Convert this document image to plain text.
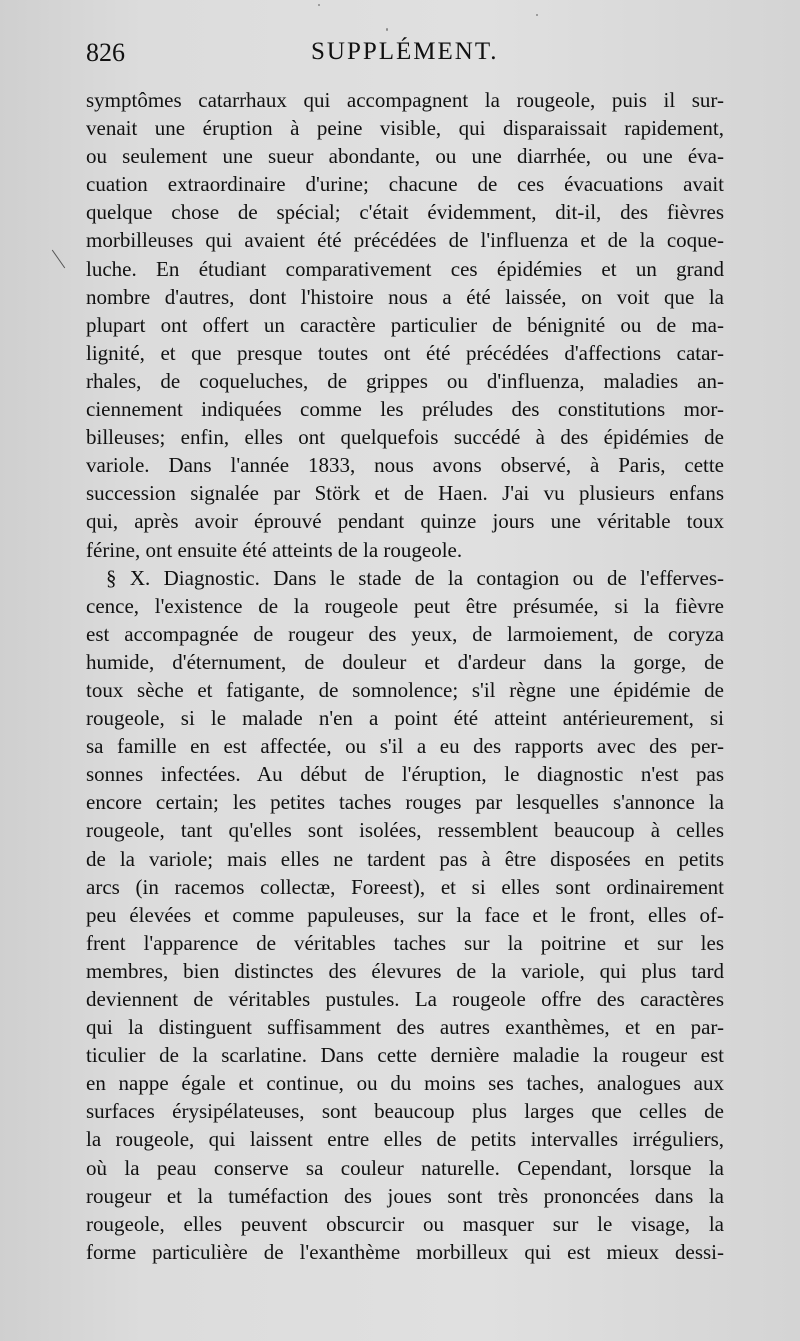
826	SUPPLÉMENT.
symptômes catarrhaux qui accompagnent la rougeole, puis il sur-
venait une éruption à peine visible, qui disparaissait rapidement,
ou seulement une sueur abondante, ou une diarrhée, ou une éva-
cuation extraordinaire d'urine; chacune de ces évacuations avait
quelque chose de spécial; c'était évidemment, dit-il, des fièvres
morbilleuses qui avaient été précédées de l'influenza et de la coque-
luche. En étudiant comparativement ces épidémies et un grand
nombre d'autres, dont l'histoire nous a été laissée, on voit que la
plupart ont offert un caractère particulier de bénignité ou de ma-
lignité, et que presque toutes ont été précédées d'affections catar-
rhales, de coqueluches, de grippes ou d'influenza, maladies an-
ciennement indiquées comme les préludes des constitutions mor-
billeuses; enfin, elles ont quelquefois succédé à des épidémies de
variole. Dans l'année 1833, nous avons observé, à Paris, cette
succession signalée par Störk et de Haen. J'ai vu plusieurs enfans
qui, après avoir éprouvé pendant quinze jours une véritable toux
férine, ont ensuite été atteints de la rougeole.
§ X. Diagnostic. Dans le stade de la contagion ou de l'efferves-
cence, l'existence de la rougeole peut être présumée, si la fièvre
est accompagnée de rougeur des yeux, de larmoiement, de coryza
humide, d'éternument, de douleur et d'ardeur dans la gorge, de
toux sèche et fatigante, de somnolence; s'il règne une épidémie de
rougeole, si le malade n'en a point été atteint antérieurement, si
sa famille en est affectée, ou s'il a eu des rapports avec des per-
sonnes infectées. Au début de l'éruption, le diagnostic n'est pas
encore certain; les petites taches rouges par lesquelles s'annonce la
rougeole, tant qu'elles sont isolées, ressemblent beaucoup à celles
de la variole; mais elles ne tardent pas à être disposées en petits
arcs (in racemos collectæ, Foreest), et si elles sont ordinairement
peu élevées et comme papuleuses, sur la face et le front, elles of-
frent l'apparence de véritables taches sur la poitrine et sur les
membres, bien distinctes des élevures de la variole, qui plus tard
deviennent de véritables pustules. La rougeole offre des caractères
qui la distinguent suffisamment des autres exanthèmes, et en par-
ticulier de la scarlatine. Dans cette dernière maladie la rougeur est
en nappe égale et continue, ou du moins ses taches, analogues aux
surfaces érysipélateuses, sont beaucoup plus larges que celles de
la rougeole, qui laissent entre elles de petits intervalles irréguliers,
où la peau conserve sa couleur naturelle. Cependant, lorsque la
rougeur et la tuméfaction des joues sont très prononcées dans la
rougeole, elles peuvent obscurcir ou masquer sur le visage, la
forme particulière de l'exanthème morbilleux qui est mieux dessi-
